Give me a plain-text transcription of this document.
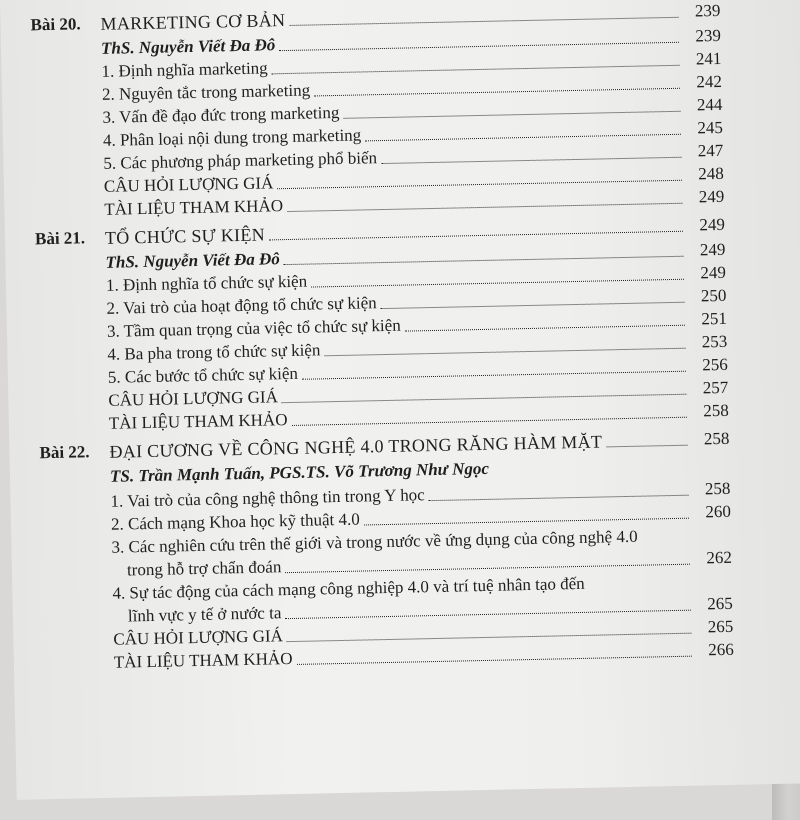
Bài 20.	MARKETING CƠ BẢN	239
ThS. Nguyễn Viết Đa Đô	239
1. Định nghĩa marketing	241
2. Nguyên tắc trong marketing	242
3. Vấn đề đạo đức trong marketing	244
4. Phân loại nội dung trong marketing	245
5. Các phương pháp marketing phổ biến	247
CÂU HỎI LƯỢNG GIÁ	248
TÀI LIỆU THAM KHẢO	249
Bài 21.	TỔ CHỨC SỰ KIỆN	249
ThS. Nguyễn Viết Đa Đô	249
1. Định nghĩa tổ chức sự kiện	249
2. Vai trò của hoạt động tổ chức sự kiện	250
3. Tầm quan trọng của việc tổ chức sự kiện	251
4. Ba pha trong tổ chức sự kiện	253
5. Các bước tổ chức sự kiện	256
CÂU HỎI LƯỢNG GIÁ	257
TÀI LIỆU THAM KHẢO	258
Bài 22.	ĐẠI CƯƠNG VỀ CÔNG NGHỆ 4.0 TRONG RĂNG HÀM MẶT	258
TS. Trần Mạnh Tuấn, PGS.TS. Võ Trương Như Ngọc
1. Vai trò của công nghệ thông tin trong Y học	258
2. Cách mạng Khoa học kỹ thuật 4.0	260
3. Các nghiên cứu trên thế giới và trong nước về ứng dụng của công nghệ 4.0
trong hỗ trợ chẩn đoán	262
4. Sự tác động của cách mạng công nghiệp 4.0 và trí tuệ nhân tạo đến
lĩnh vực y tế ở nước ta	265
CÂU HỎI LƯỢNG GIÁ	265
TÀI LIỆU THAM KHẢO	266
